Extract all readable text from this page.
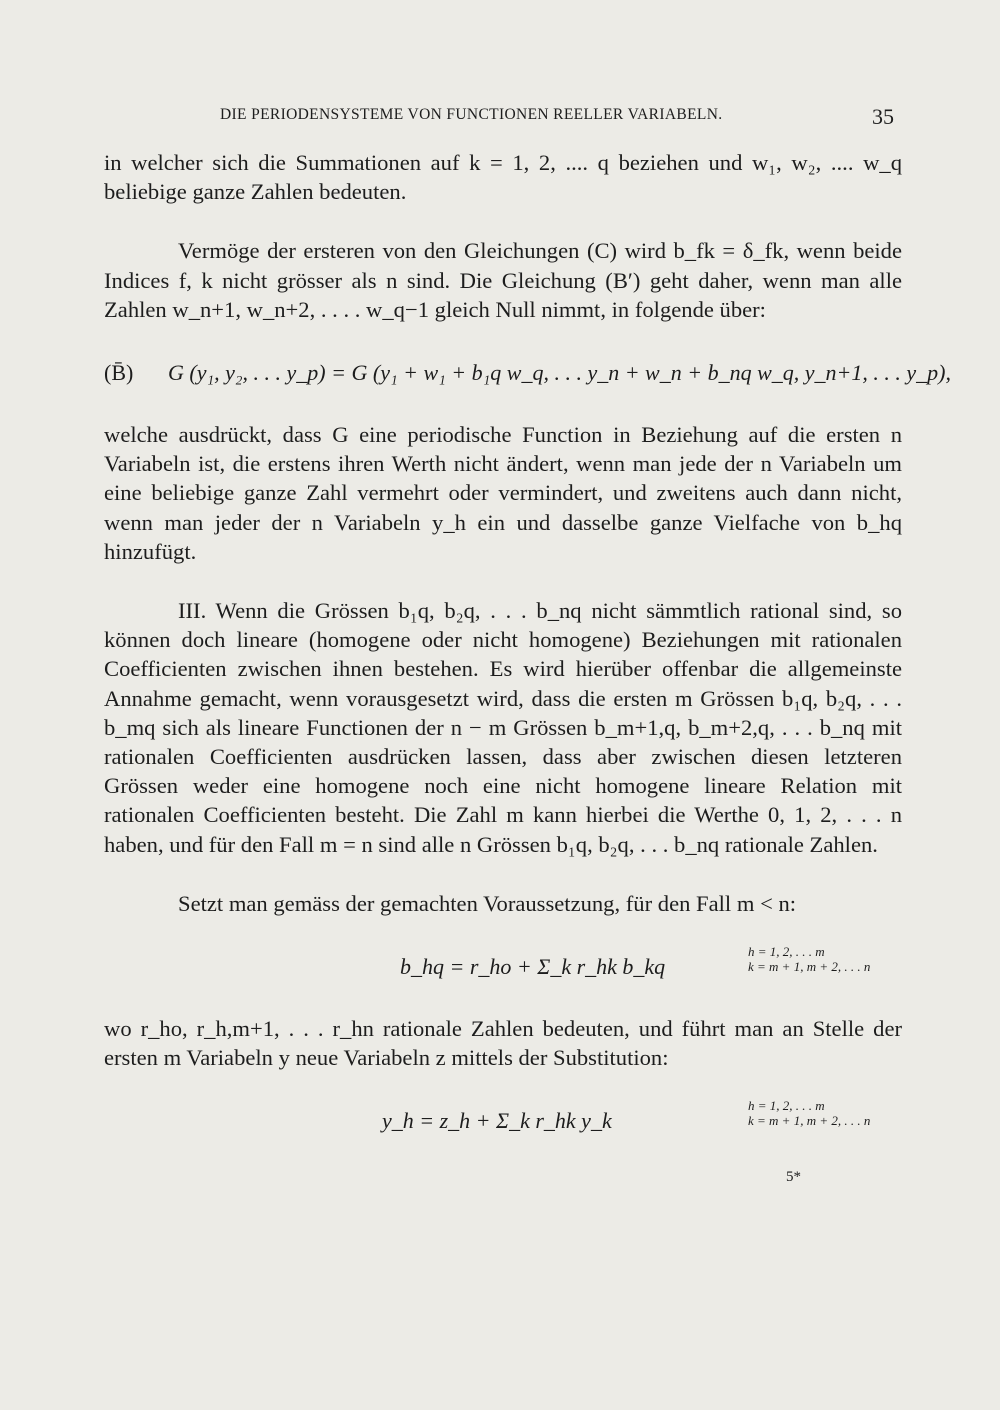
DIE PERIODENSYSTEME VON FUNCTIONEN REELLER VARIABELN.	35

in welcher sich die Summationen auf k = 1, 2, .... q beziehen und w₁, w₂, .... w_q beliebige ganze Zahlen bedeuten.

Vermöge der ersteren von den Gleichungen (C) wird b_fk = δ_fk, wenn beide Indices f, k nicht grösser als n sind. Die Gleichung (B′) geht daher, wenn man alle Zahlen w_n+1, w_n+2, . . . . w_q−1 gleich Null nimmt, in folgende über:

(B̄) G (y₁, y₂, . . . y_p) = G (y₁ + w₁ + b₁q w_q, . . . y_n + w_n + b_nq w_q, y_n+1, . . . y_p),

welche ausdrückt, dass G eine periodische Function in Beziehung auf die ersten n Variabeln ist, die erstens ihren Werth nicht ändert, wenn man jede der n Variabeln um eine beliebige ganze Zahl vermehrt oder vermindert, und zweitens auch dann nicht, wenn man jeder der n Variabeln y_h ein und dasselbe ganze Vielfache von b_hq hinzufügt.

III. Wenn die Grössen b₁q, b₂q, . . . b_nq nicht sämmtlich rational sind, so können doch lineare (homogene oder nicht homogene) Beziehungen mit rationalen Coefficienten zwischen ihnen bestehen. Es wird hierüber offenbar die allgemeinste Annahme gemacht, wenn vorausgesetzt wird, dass die ersten m Grössen b₁q, b₂q, . . . b_mq sich als lineare Functionen der n − m Grössen b_m+1,q, b_m+2,q, . . . b_nq mit rationalen Coefficienten ausdrücken lassen, dass aber zwischen diesen letzteren Grössen weder eine homogene noch eine nicht homogene lineare Relation mit rationalen Coefficienten besteht. Die Zahl m kann hierbei die Werthe 0, 1, 2, . . . n haben, und für den Fall m = n sind alle n Grössen b₁q, b₂q, . . . b_nq rationale Zahlen.

Setzt man gemäss der gemachten Voraussetzung, für den Fall m < n:

b_hq = r_ho + Σ_k r_hk b_kq
h = 1, 2, . . . m
k = m + 1, m + 2, . . . n

wo r_ho, r_h,m+1, . . . r_hn rationale Zahlen bedeuten, und führt man an Stelle der ersten m Variabeln y neue Variabeln z mittels der Substitution:

y_h = z_h + Σ_k r_hk y_k
h = 1, 2, . . . m
k = m + 1, m + 2, . . . n
5*
